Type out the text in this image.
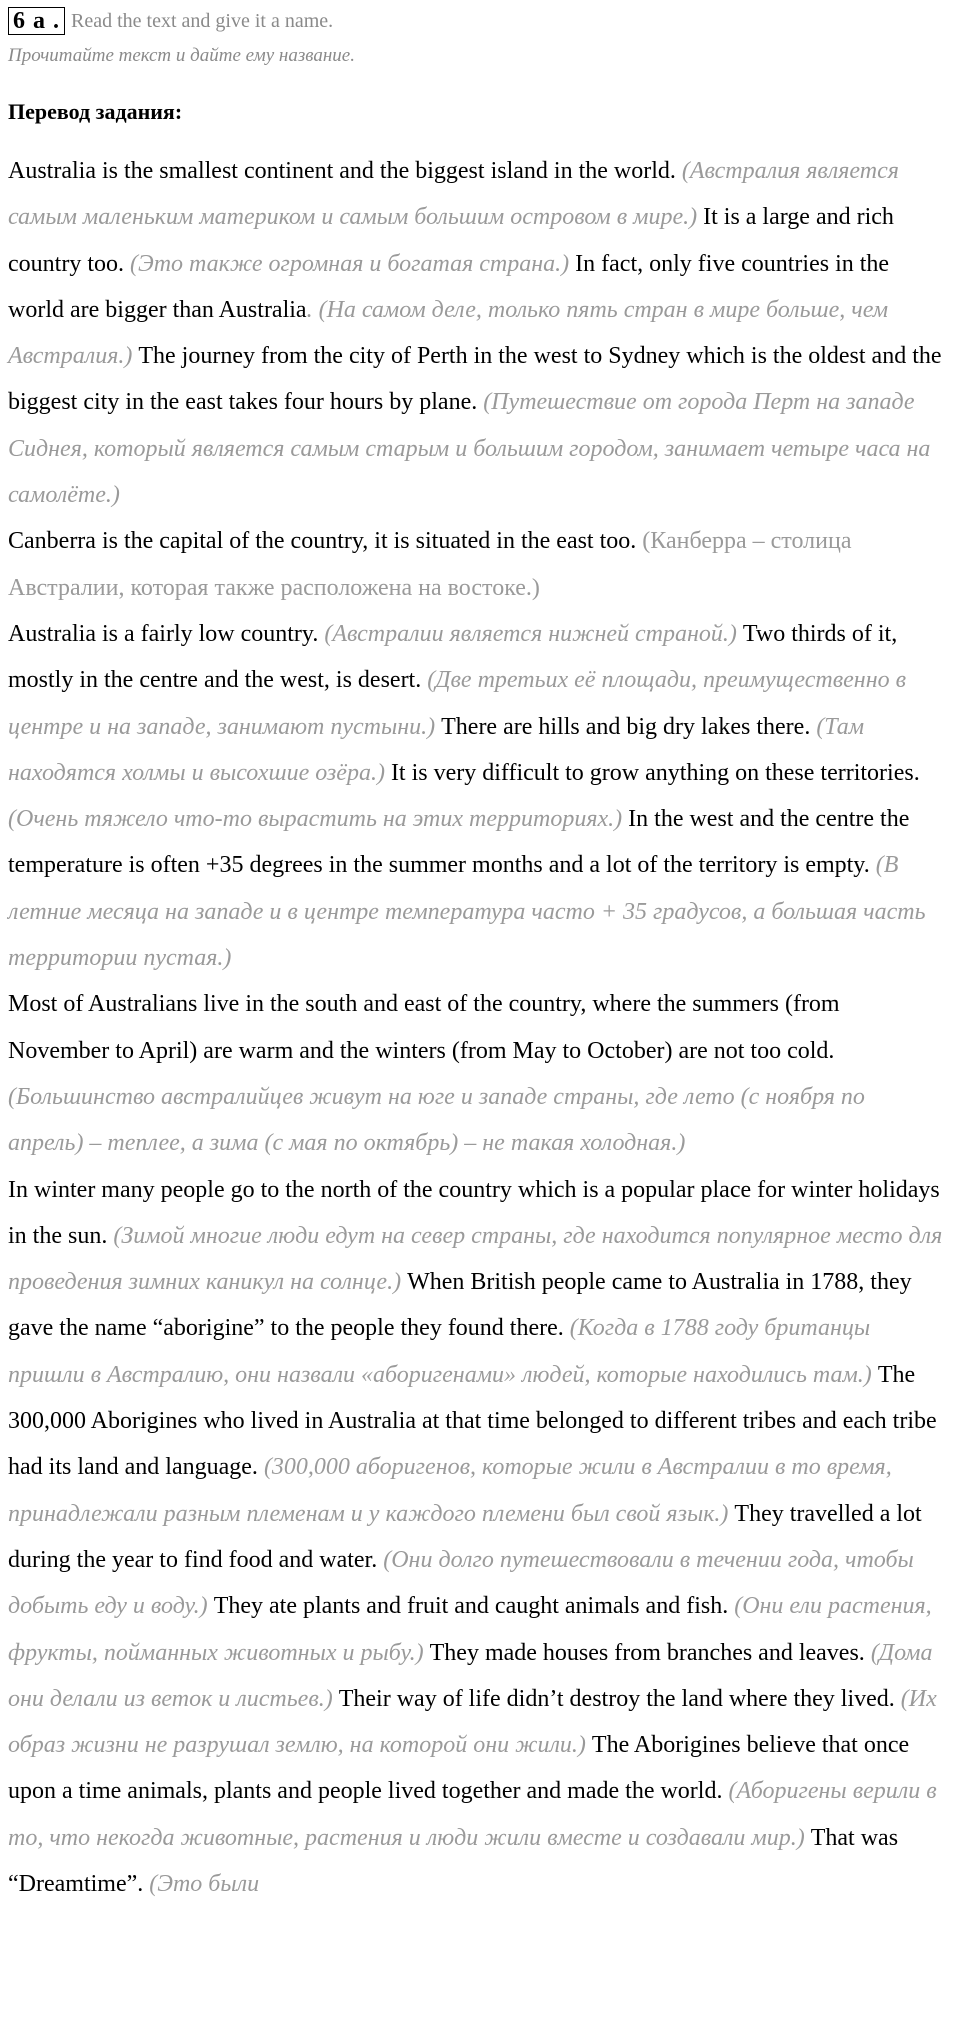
6 a . Read the text and give it a name.
Прочитайте текст и дайте ему название.
Перевод задания:

Australia is the smallest continent and the biggest island in the world. (Австралия является самым маленьким материком и самым большим островом в мире.) It is a large and rich country too. (Это также огромная и богатая страна.) In fact, only five countries in the world are bigger than Australia. (На самом деле, только пять стран в мире больше, чем Австралия.) The journey from the city of Perth in the west to Sydney which is the oldest and the biggest city in the east takes four hours by plane. (Путешествие от города Перт на западе Сиднея, который является самым старым и большим городом, занимает четыре часа на самолёте.)

Canberra is the capital of the country, it is situated in the east too. (Канберра – столица Австралии, которая также расположена на востоке.)

Australia is a fairly low country. (Австралии является нижней страной.) Two thirds of it, mostly in the centre and the west, is desert. (Две третьих её площади, преимущественно в центре и на западе, занимают пустыни.) There are hills and big dry lakes there. (Там находятся холмы и высохшие озёра.) It is very difficult to grow anything on these territories. (Очень тяжело что-то вырастить на этих территориях.) In the west and the centre the temperature is often +35 degrees in the summer months and a lot of the territory is empty. (В летние месяца на западе и в центре температура часто + 35 градусов, а большая часть территории пустая.)

Most of Australians live in the south and east of the country, where the summers (from November to April) are warm and the winters (from May to October) are not too cold. (Большинство австралийцев живут на юге и западе страны, где лето (с ноября по апрель) – теплее, а зима (с мая по октябрь) – не такая холодная.)

In winter many people go to the north of the country which is a popular place for winter holidays in the sun. (Зимой многие люди едут на север страны, где находится популярное место для проведения зимних каникул на солнце.) When British people came to Australia in 1788, they gave the name “aborigine” to the people they found there. (Когда в 1788 году британцы пришли в Австралию, они назвали «аборигенами» людей, которые находились там.) The 300,000 Aborigines who lived in Australia at that time belonged to different tribes and each tribe had its land and language. (300,000 аборигенов, которые жили в Австралии в то время, принадлежали разным племенам и у каждого племени был свой язык.) They travelled a lot during the year to find food and water. (Они долго путешествовали в течении года, чтобы добыть еду и воду.) They ate plants and fruit and caught animals and fish. (Они ели растения, фрукты, пойманных животных и рыбу.) They made houses from branches and leaves. (Дома они делали из веток и листьев.) Their way of life didn’t destroy the land where they lived. (Их образ жизни не разрушал землю, на которой они жили.) The Aborigines believe that once upon a time animals, plants and people lived together and made the world. (Аборигены верили в то, что некогда животные, растения и люди жили вместе и создавали мир.) That was “Dreamtime”. (Это были
